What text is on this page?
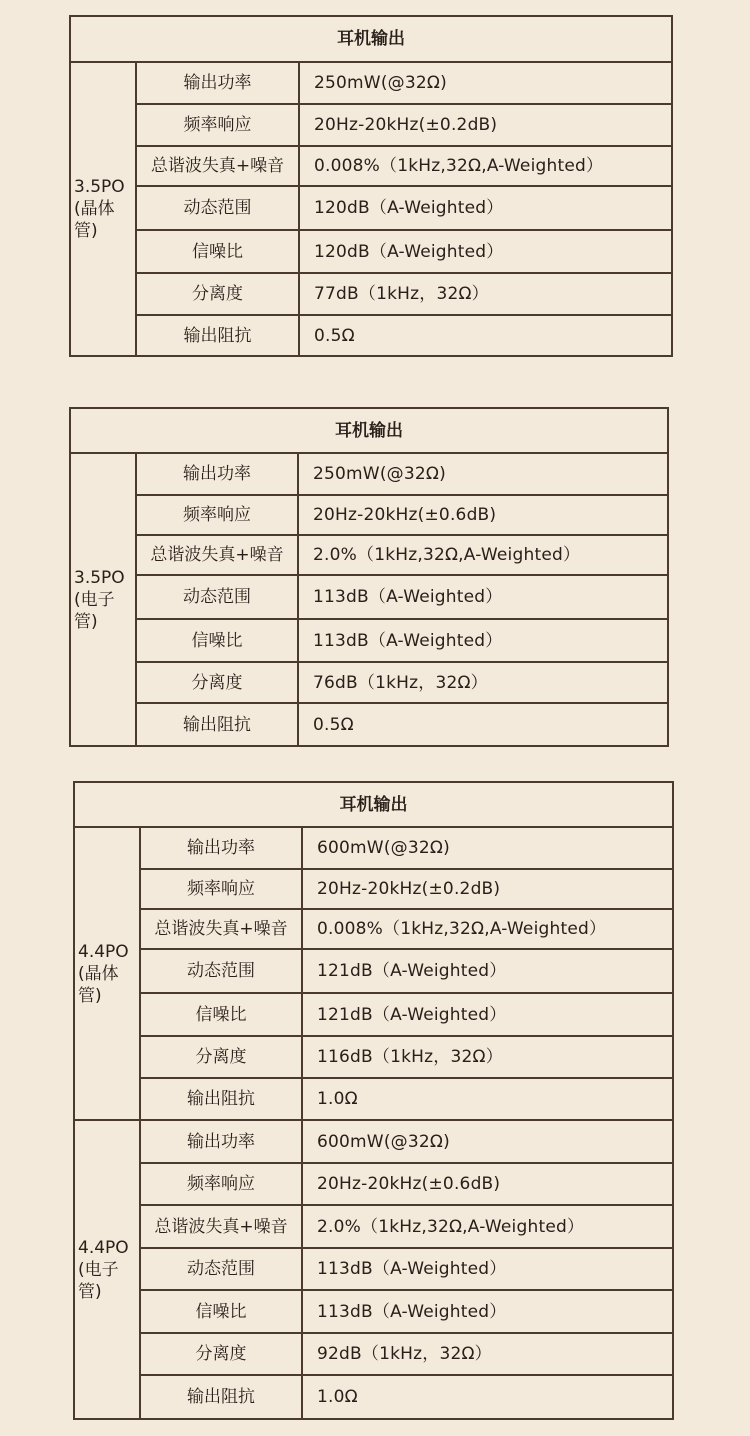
耳机输出		

3.5PO
(晶体
管)	输出功率	250mW(@32Ω)
	频率响应	20Hz-20kHz(±0.2dB)
	总谐波失真+噪音	0.008%（1kHz,32Ω,A-Weighted）
	动态范围	120dB（A-Weighted）
	信噪比	120dB（A-Weighted）
	分离度	77dB（1kHz，32Ω）
	输出阻抗	0.5Ω
耳机输出		

3.5PO
(电子
管)	输出功率	250mW(@32Ω)
	频率响应	20Hz-20kHz(±0.6dB)
	总谐波失真+噪音	2.0%（1kHz,32Ω,A-Weighted）
	动态范围	113dB（A-Weighted）
	信噪比	113dB（A-Weighted）
	分离度	76dB（1kHz，32Ω）
	输出阻抗	0.5Ω
耳机输出		

4.4PO
(晶体
管)	输出功率	600mW(@32Ω)
	频率响应	20Hz-20kHz(±0.2dB)
	总谐波失真+噪音	0.008%（1kHz,32Ω,A-Weighted）
	动态范围	121dB（A-Weighted）
	信噪比	121dB（A-Weighted）
	分离度	116dB（1kHz，32Ω）
	输出阻抗	1.0Ω

4.4PO
(电子
管)	输出功率	600mW(@32Ω)
	频率响应	20Hz-20kHz(±0.6dB)
	总谐波失真+噪音	2.0%（1kHz,32Ω,A-Weighted）
	动态范围	113dB（A-Weighted）
	信噪比	113dB（A-Weighted）
	分离度	92dB（1kHz，32Ω）
	输出阻抗	1.0Ω
